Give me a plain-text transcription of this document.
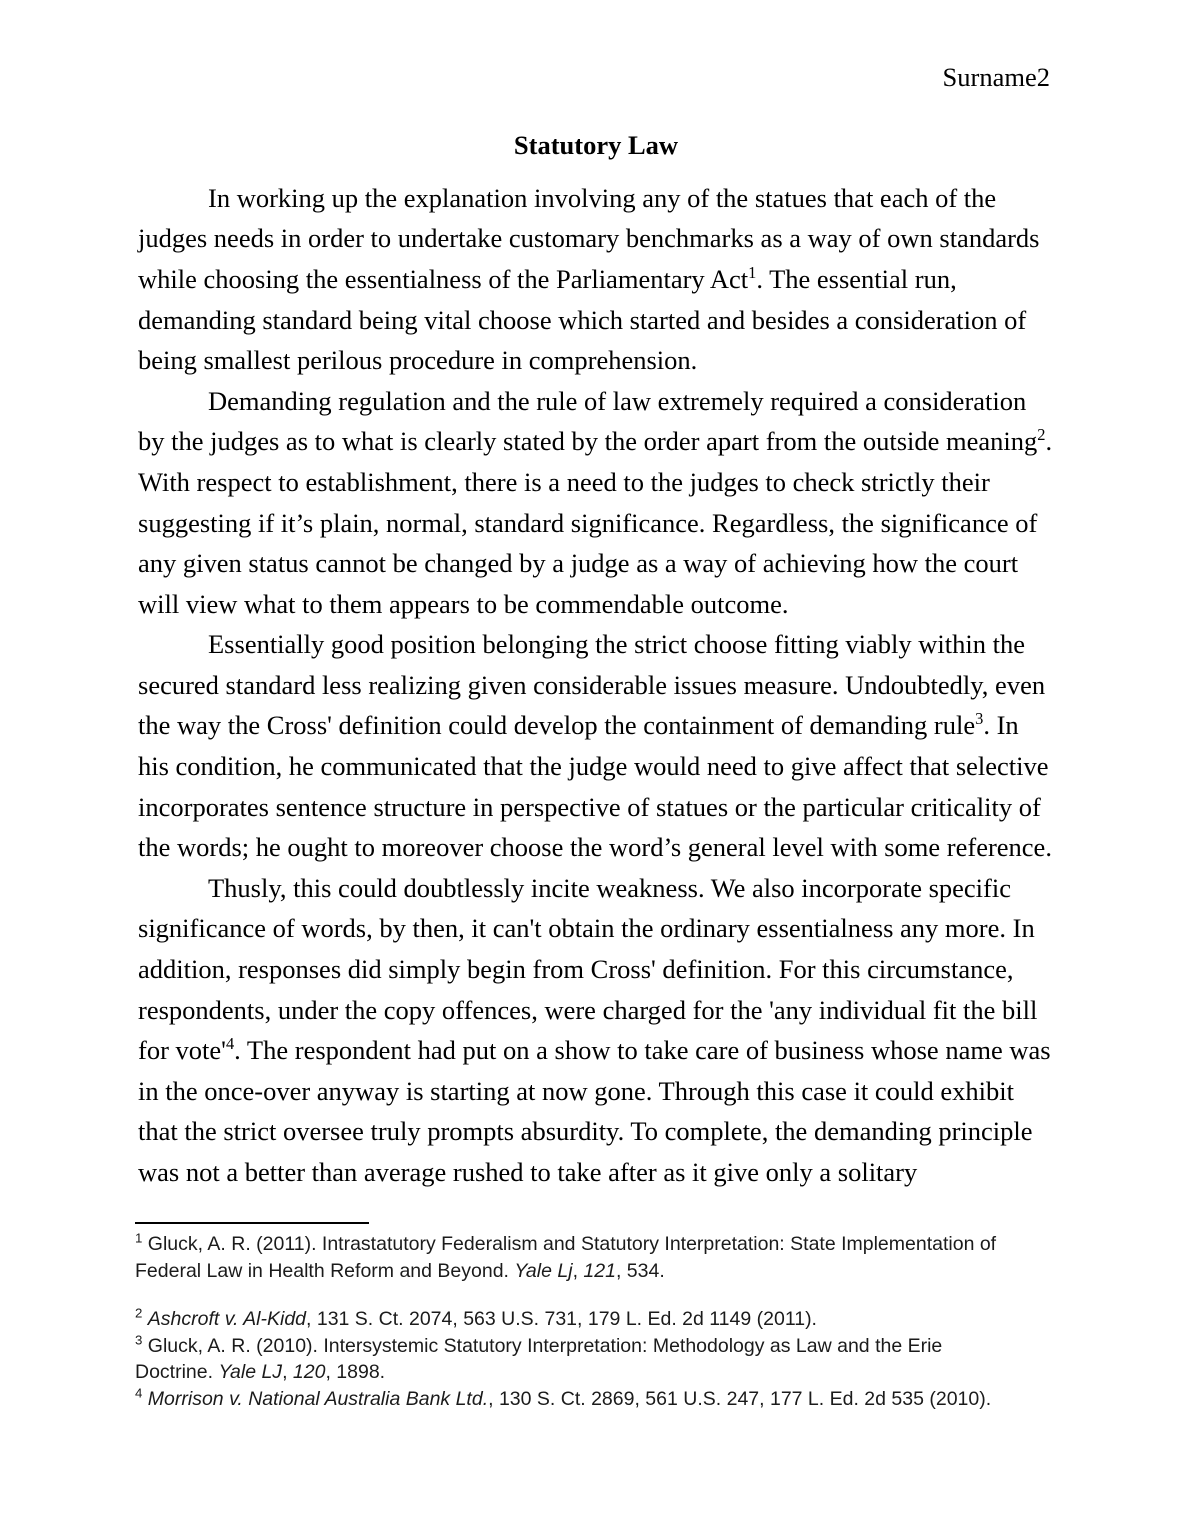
Surname2
Statutory Law

In working up the explanation involving any of the statues that each of the judges needs in order to undertake customary benchmarks as a way of own standards while choosing the essentialness of the Parliamentary Act$^1$. The essential run, demanding standard being vital choose which started and besides a consideration of being smallest perilous procedure in comprehension.

Demanding regulation and the rule of law extremely required a consideration by the judges as to what is clearly stated by the order apart from the outside meaning$^2$. With respect to establishment, there is a need to the judges to check strictly their suggesting if it’s plain, normal, standard significance. Regardless, the significance of any given status cannot be changed by a judge as a way of achieving how the court will view what to them appears to be commendable outcome.

Essentially good position belonging the strict choose fitting viably within the secured standard less realizing given considerable issues measure. Undoubtedly, even the way the Cross' definition could develop the containment of demanding rule$^3$. In his condition, he communicated that the judge would need to give affect that selective incorporates sentence structure in perspective of statues or the particular criticality of the words; he ought to moreover choose the word’s general level with some reference.

Thusly, this could doubtlessly incite weakness. We also incorporate specific significance of words, by then, it can't obtain the ordinary essentialness any more. In addition, responses did simply begin from Cross' definition. For this circumstance, respondents, under the copy offences, were charged for the 'any individual fit the bill for vote'$^4$. The respondent had put on a show to take care of business whose name was in the once-over anyway is starting at now gone. Through this case it could exhibit that the strict oversee truly prompts absurdity. To complete, the demanding principle was not a better than average rushed to take after as it give only a solitary

$^1$ Gluck, A. R. (2011). Intrastatutory Federalism and Statutory Interpretation: State Implementation of Federal Law in Health Reform and Beyond. Yale Lj, 121, 534.

$^2$ Ashcroft v. Al-Kidd, 131 S. Ct. 2074, 563 U.S. 731, 179 L. Ed. 2d 1149 (2011).

$^3$ Gluck, A. R. (2010). Intersystemic Statutory Interpretation: Methodology as Law and the Erie Doctrine. Yale LJ, 120, 1898.

$^4$ Morrison v. National Australia Bank Ltd., 130 S. Ct. 2869, 561 U.S. 247, 177 L. Ed. 2d 535 (2010).
